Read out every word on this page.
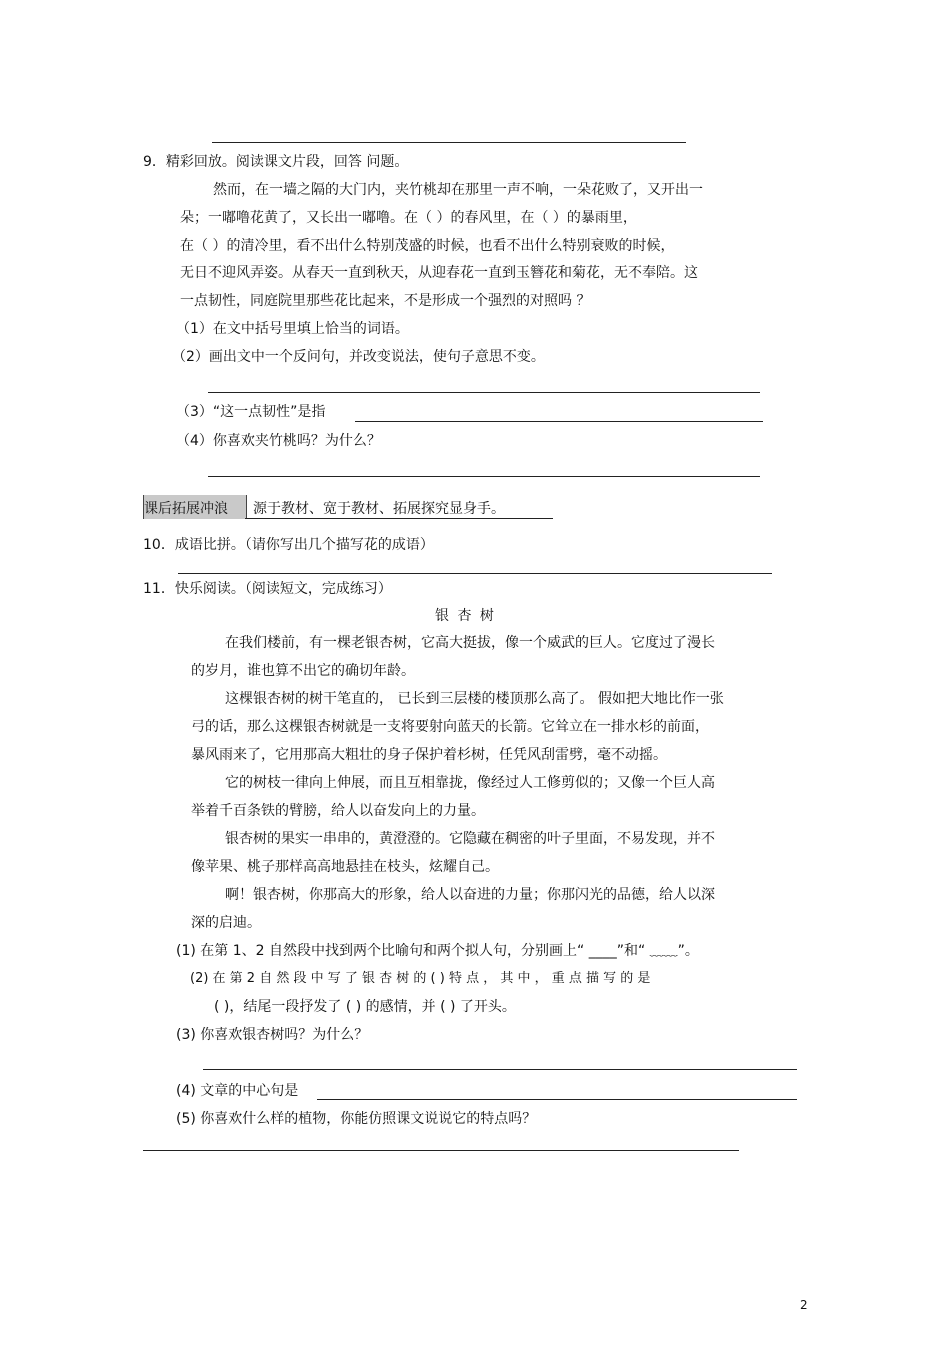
9．精彩回放。阅读课文片段，回答 问题。
然而，在一墙之隔的大门内，夹竹桃却在那里一声不响，一朵花败了，又开出一
朵；一嘟噜花黄了，又长出一嘟噜。在（ ）的春风里，在（ ）的暴雨里，
在（ ）的清冷里，看不出什么特别茂盛的时候，也看不出什么特别衰败的时候，
无日不迎风弄姿。从春天一直到秋天，从迎春花一直到玉簪花和菊花，无不奉陪。这
一点韧性，同庭院里那些花比起来，不是形成一个强烈的对照吗 ？
（1）在文中括号里填上恰当的词语。
（2）画出文中一个反问句，并改变说法，使句子意思不变。
（3）“这一点韧性”是指
（4）你喜欢夹竹桃吗？为什么？
课后拓展冲浪 源于教材、宽于教材、拓展探究显身手。
10．成语比拼。（请你写出几个描写花的成语）
11．快乐阅读。（阅读短文，完成练习）
银 杏 树
在我们楼前，有一棵老银杏树，它高大挺拔，像一个威武的巨人。它度过了漫长
的岁月，谁也算不出它的确切年龄。
这棵银杏树的树干笔直的， 已长到三层楼的楼顶那么高了。 假如把大地比作一张
弓的话，那么这棵银杏树就是一支将要射向蓝天的长箭。它耸立在一排水杉的前面，
暴风雨来了，它用那高大粗壮的身子保护着杉树，任凭风刮雷劈，毫不动摇。
它的树枝一律向上伸展，而且互相靠拢，像经过人工修剪似的；又像一个巨人高
举着千百条铁的臂膀，给人以奋发向上的力量。
银杏树的果实一串串的，黄澄澄的。它隐藏在稠密的叶子里面，不易发现，并不
像苹果、桃子那样高高地悬挂在枝头，炫耀自己。
啊！银杏树，你那高大的形象，给人以奋进的力量；你那闪光的品德，给人以深
深的启迪。
(1) 在第 1、2 自然段中找到两个比喻句和两个拟人句，分别画上“ ____”和“ ﹏﹏”。
(2) 在 第 2 自 然 段 中 写 了 银 杏 树 的 ( ) 特 点 ， 其 中 ， 重 点 描 写 的 是
( )，结尾一段抒发了 ( ) 的感情，并 ( ) 了开头。
(3) 你喜欢银杏树吗？为什么？
(4) 文章的中心句是
(5) 你喜欢什么样的植物，你能仿照课文说说它的特点吗？
2
